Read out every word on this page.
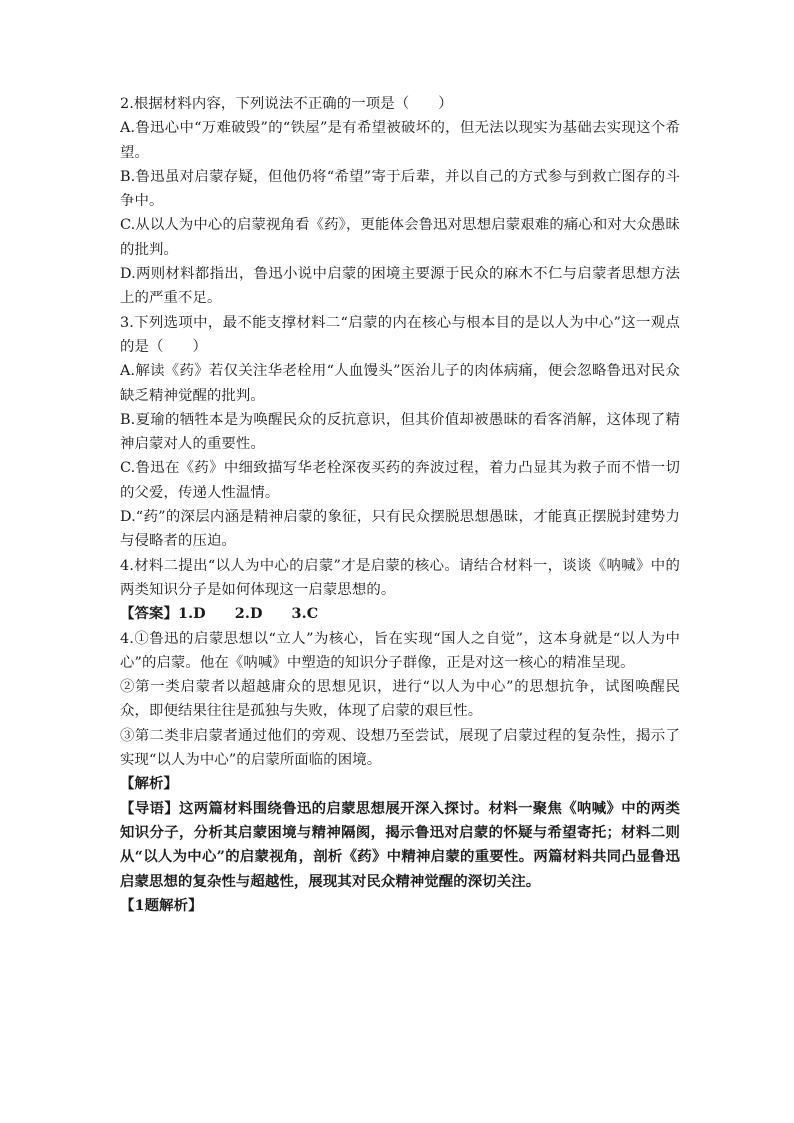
2.根据材料内容，下列说法不正确的一项是（　　）

A.鲁迅心中“万难破毁”的“铁屋”是有希望被破坏的，但无法以现实为基础去实现这个希望。

B.鲁迅虽对启蒙存疑，但他仍将“希望”寄于后辈，并以自己的方式参与到救亡图存的斗争中。

C.从以人为中心的启蒙视角看《药》，更能体会鲁迅对思想启蒙艰难的痛心和对大众愚昧的批判。

D.两则材料都指出，鲁迅小说中启蒙的困境主要源于民众的麻木不仁与启蒙者思想方法上的严重不足。

3.下列选项中，最不能支撑材料二“启蒙的内在核心与根本目的是以人为中心”这一观点的是（　　）

A.解读《药》若仅关注华老栓用“人血馒头”医治儿子的肉体病痛，便会忽略鲁迅对民众缺乏精神觉醒的批判。

B.夏瑜的牺牲本是为唤醒民众的反抗意识，但其价值却被愚昧的看客消解，这体现了精神启蒙对人的重要性。

C.鲁迅在《药》中细致描写华老栓深夜买药的奔波过程，着力凸显其为救子而不惜一切的父爱，传递人性温情。

D.“药”的深层内涵是精神启蒙的象征，只有民众摆脱思想愚昧，才能真正摆脱封建势力与侵略者的压迫。

4.材料二提出“以人为中心的启蒙”才是启蒙的核心。请结合材料一，谈谈《呐喊》中的两类知识分子是如何体现这一启蒙思想的。

【答案】1.D　　2.D　　3.C

4.①鲁迅的启蒙思想以“立人”为核心，旨在实现“国人之自觉”，这本身就是“以人为中心”的启蒙。他在《呐喊》中塑造的知识分子群像，正是对这一核心的精准呈现。

②第一类启蒙者以超越庸众的思想见识，进行“以人为中心”的思想抗争，试图唤醒民众，即便结果往往是孤独与失败，体现了启蒙的艰巨性。

③第二类非启蒙者通过他们的旁观、设想乃至尝试，展现了启蒙过程的复杂性，揭示了实现“以人为中心”的启蒙所面临的困境。

【解析】

【导语】这两篇材料围绕鲁迅的启蒙思想展开深入探讨。材料一聚焦《呐喊》中的两类知识分子，分析其启蒙困境与精神隔阂，揭示鲁迅对启蒙的怀疑与希望寄托；材料二则从“以人为中心”的启蒙视角，剖析《药》中精神启蒙的重要性。两篇材料共同凸显鲁迅启蒙思想的复杂性与超越性，展现其对民众精神觉醒的深切关注。

【1题解析】
